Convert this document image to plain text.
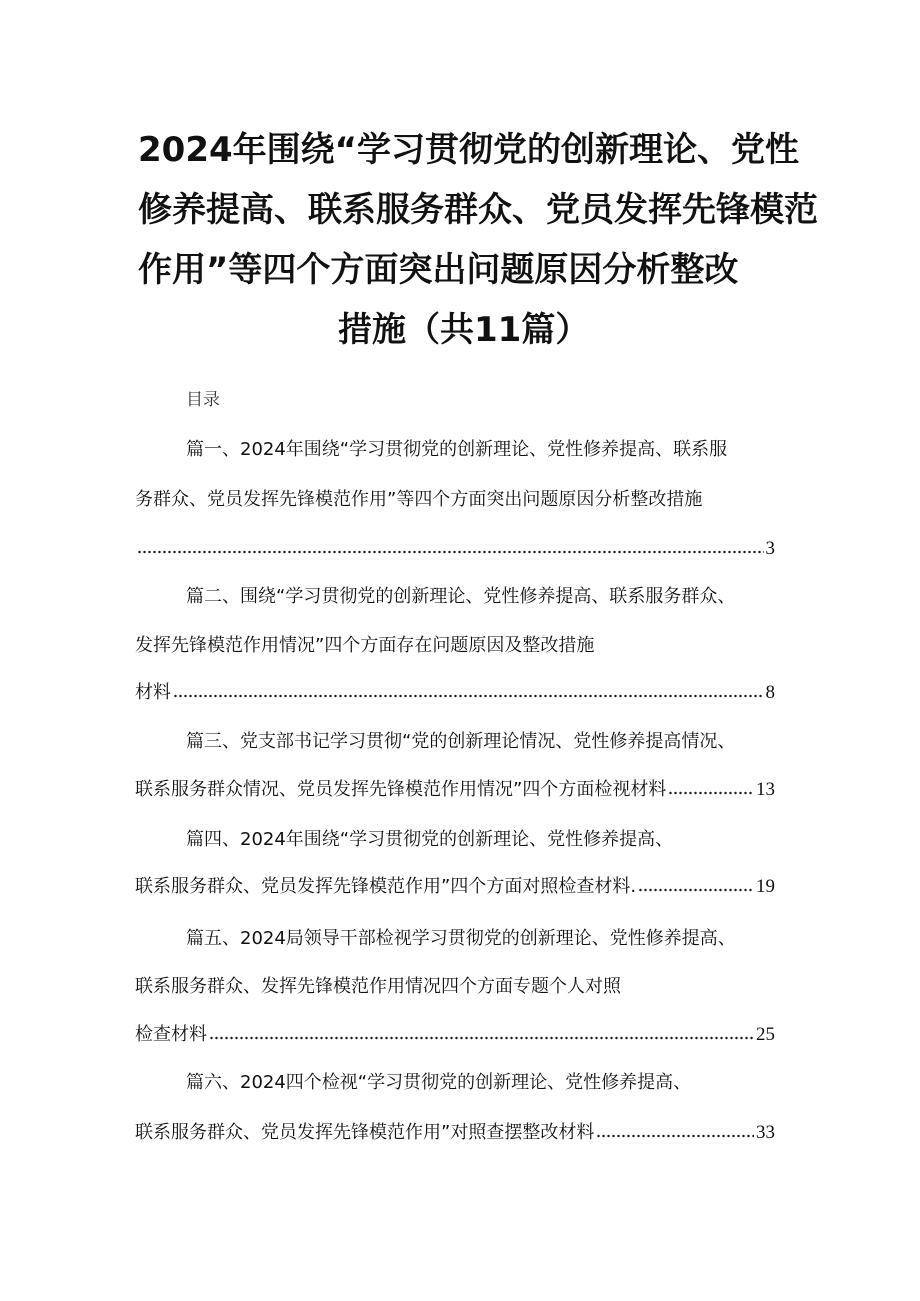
2024年围绕“学习贯彻党的创新理论、党性
修养提高、联系服务群众、党员发挥先锋模范
作用”等四个方面突出问题原因分析整改
措施（共11篇）
目录
篇一、2024年围绕“学习贯彻党的创新理论、党性修养提高、联系服
务群众、党员发挥先锋模范作用”等四个方面突出问题原因分析整改措施
3
篇二、围绕“学习贯彻党的创新理论、党性修养提高、联系服务群众、
发挥先锋模范作用情况”四个方面存在问题原因及整改措施
材料	8
篇三、党支部书记学习贯彻“党的创新理论情况、党性修养提高情况、
联系服务群众情况、党员发挥先锋模范作用情况”四个方面检视材料	13
篇四、2024年围绕“学习贯彻党的创新理论、党性修养提高、
联系服务群众、党员发挥先锋模范作用”四个方面对照检查材料.	19
篇五、2024局领导干部检视学习贯彻党的创新理论、党性修养提高、
联系服务群众、发挥先锋模范作用情况四个方面专题个人对照
检查材料	25
篇六、2024四个检视“学习贯彻党的创新理论、党性修养提高、
联系服务群众、党员发挥先锋模范作用”对照查摆整改材料	33
